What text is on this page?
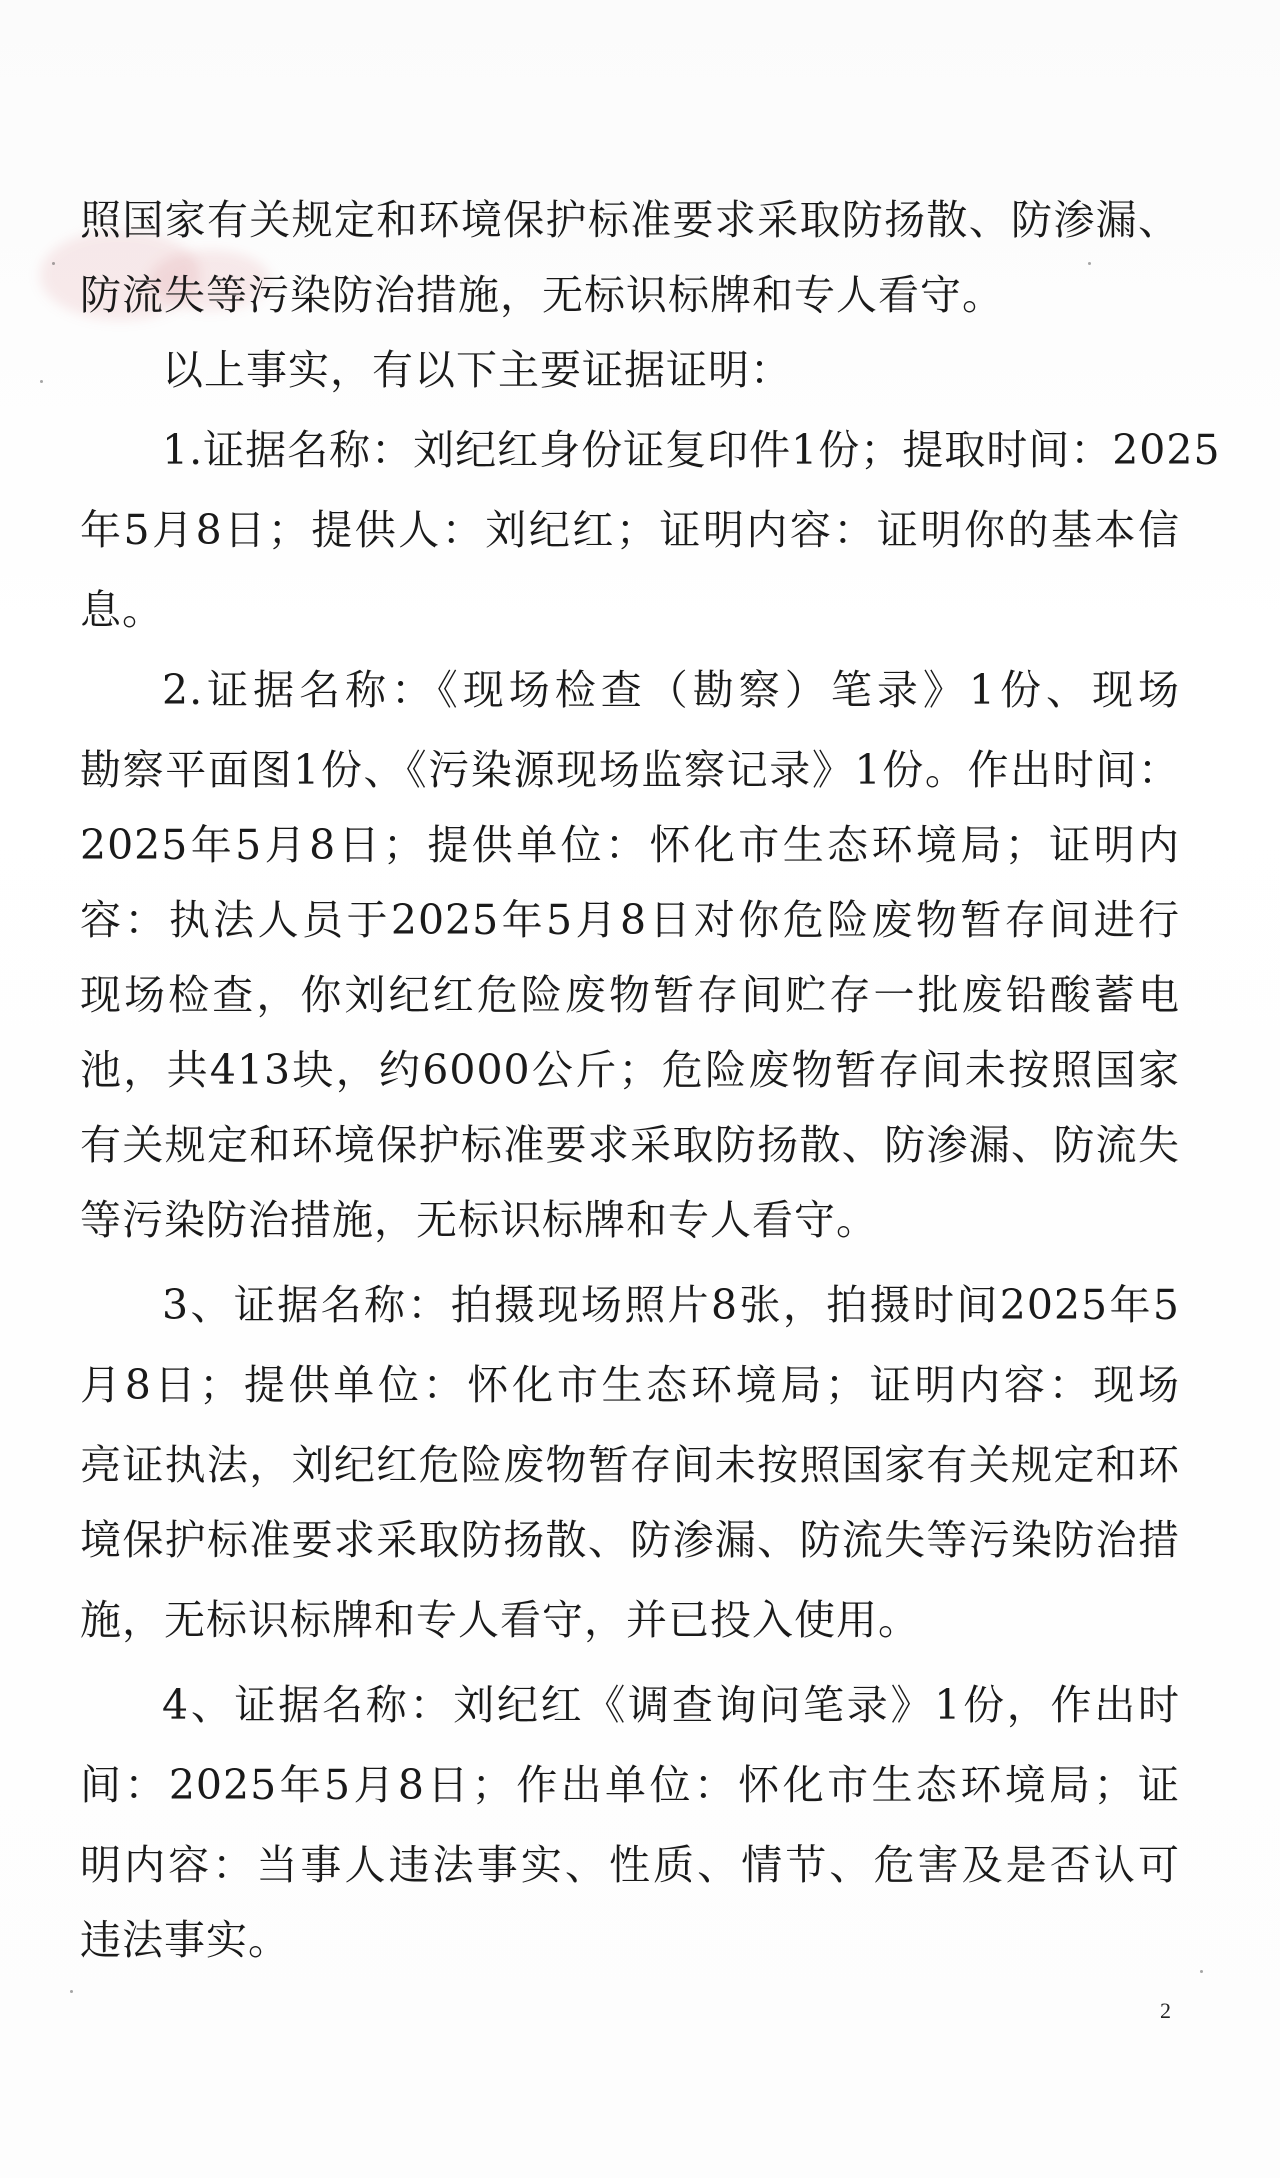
照国家有关规定和环境保护标准要求采取防扬散、防渗漏、
防流失等污染防治措施，无标识标牌和专人看守。
以上事实，有以下主要证据证明：
1.证据名称：刘纪红身份证复印件1份；提取时间：2025
年5月8日；提供人：刘纪红；证明内容：证明你的基本信
息。
2.证据名称：《现场检查（勘察）笔录》1份、现场
勘察平面图1份、《污染源现场监察记录》1份。作出时间：
2025年5月8日；提供单位：怀化市生态环境局；证明内
容：执法人员于2025年5月8日对你危险废物暂存间进行
现场检查，你刘纪红危险废物暂存间贮存一批废铅酸蓄电
池，共413块，约6000公斤；危险废物暂存间未按照国家
有关规定和环境保护标准要求采取防扬散、防渗漏、防流失
等污染防治措施，无标识标牌和专人看守。
3、证据名称：拍摄现场照片8张，拍摄时间2025年5
月8日；提供单位：怀化市生态环境局；证明内容：现场
亮证执法，刘纪红危险废物暂存间未按照国家有关规定和环
境保护标准要求采取防扬散、防渗漏、防流失等污染防治措
施，无标识标牌和专人看守，并已投入使用。
4、证据名称：刘纪红《调查询问笔录》1份，作出时
间：2025年5月8日；作出单位：怀化市生态环境局；证
明内容：当事人违法事实、性质、情节、危害及是否认可
违法事实。
2
